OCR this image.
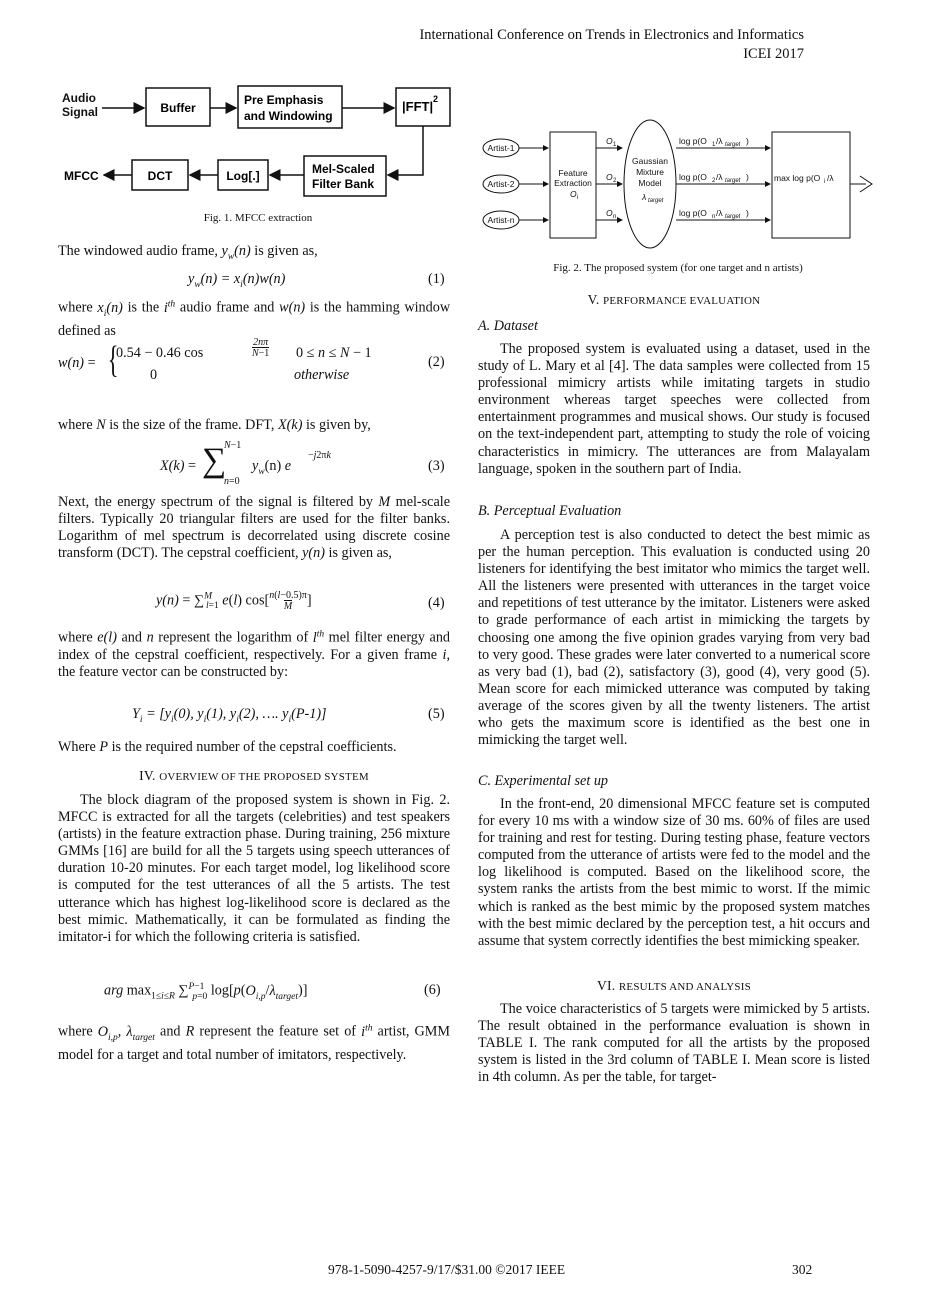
International Conference on Trends in Electronics and Informatics
ICEI 2017
Audio
Signal	Buffer
Pre Emphasis
and Windowing
|FFT| 2
Mel-Scaled
Filter Bank
Log[.]
DCT
MFCC
Fig. 1. MFCC extraction
The windowed audio frame, $y_w(n)$ is given as,
$y_w(n) = x_i(n)w(n)$	(1)
where $x_i(n)$ is the $i^{th}$ audio frame and w(n) is the hamming window defined as
w(n) = {
0.54 − 0.46 cos
2nπ
N−1 0 ≤ n ≤ N − 1
0	otherwise
(2)
where N is the size of the frame. DFT, X(k) is given by,
X(k) = ∑
N−1
n=0
$y_w(n)$ e
−j2πk
(3)
Next, the energy spectrum of the signal is filtered by M mel-scale filters. Typically 20 triangular filters are used for the filter banks. Logarithm of mel spectrum is decorrelated using discrete cosine transform (DCT). The cepstral coefficient, y(n) is given as,
y(n) = ∑$^M_{l=1}$ e(l) cos[n(l−0.5)π
M ]	(4)
where e(l) and n represent the logarithm of $l^{th}$ mel filter energy and index of the cepstral coefficient, respectively. For a given frame i, the feature vector can be constructed by:
$Y_i = [y_i(0)$, $y_i(1)$, $y_i(2)$, …. $y_i(P-1)$]	(5)
Where P is the required number of the cepstral coefficients.
IV. OVERVIEW OF THE PROPOSED SYSTEM
The block diagram of the proposed system is shown in Fig. 2. MFCC is extracted for all the targets (celebrities) and test speakers (artists) in the feature extraction phase. During training, 256 mixture GMMs [16] are build for all the 5 targets using speech utterances of duration 10-20 minutes. For each target model, log likelihood score is computed for the test utterances of all the 5 artists. The test utterance which has highest log-likelihood score is declared as the best mimic. Mathematically, it can be formulated as finding the imitator-i for which the following criteria is satisfied.
arg $\max_{1\le i\le R} \sum^{P-1}_{p=0}$ $\log[p(O_{i,p}/\lambda_{target})]$	(6)
where $O_{i,p}$, $\lambda_{target}$ and R represent the feature set of $i^{th}$ artist, GMM model for a target and total number of imitators, respectively.
Artist-1
Artist-2
Artist-n
Feature
Extraction
O i
O 1
O 2
O n
Gaussian
Mixture
Model
λ target
log p(O 1 /λ target )
log p(O 2 /λ target )
log p(O n /λ target )
max log p(O i /λ
Fig. 2. The proposed system (for one target and n artists)
V. PERFORMANCE EVALUATION
A. Dataset
The proposed system is evaluated using a dataset, used in the study of L. Mary et al [4]. The data samples were collected from 15 professional mimicry artists while imitating targets in studio environment whereas target speeches were collected from entertainment programmes and musical shows. Our study is focused on the text-independent part, attempting to study the role of voicing characteristics in mimicry. The utterances are from Malayalam language, spoken in the southern part of India.
B. Perceptual Evaluation
A perception test is also conducted to detect the best mimic as per the human perception. This evaluation is conducted using 20 listeners for identifying the best imitator who mimics the target well. All the listeners were presented with utterances in the target voice and repetitions of test utterance by the imitator. Listeners were asked to grade performance of each artist in mimicking the targets by choosing one among the five opinion grades varying from very bad to very good. These grades were later converted to a numerical score as very bad (1), bad (2), satisfactory (3), good (4), very good (5). Mean score for each mimicked utterance was computed by taking average of the scores given by all the twenty listeners. The artist who gets the maximum score is identified as the best one in mimicking the target well.
C. Experimental set up
In the front-end, 20 dimensional MFCC feature set is computed for every 10 ms with a window size of 30 ms. 60% of files are used for training and rest for testing. During testing phase, feature vectors computed from the utterance of artists were fed to the model and the log likelihood is computed. Based on the likelihood score, the system ranks the artists from the best mimic to worst. If the mimic which is ranked as the best mimic by the proposed system matches with the best mimic declared by the perception test, a hit occurs and assume that system correctly identifies the best mimicking speaker.
VI. RESULTS AND ANALYSIS
The voice characteristics of 5 targets were mimicked by 5 artists. The result obtained in the performance evaluation is shown in TABLE I. The rank computed for all the artists by the proposed system is listed in the 3rd column of TABLE I. Mean score is listed in 4th column. As per the table, for target-
978-1-5090-4257-9/17/$31.00 ©2017 IEEE	302
